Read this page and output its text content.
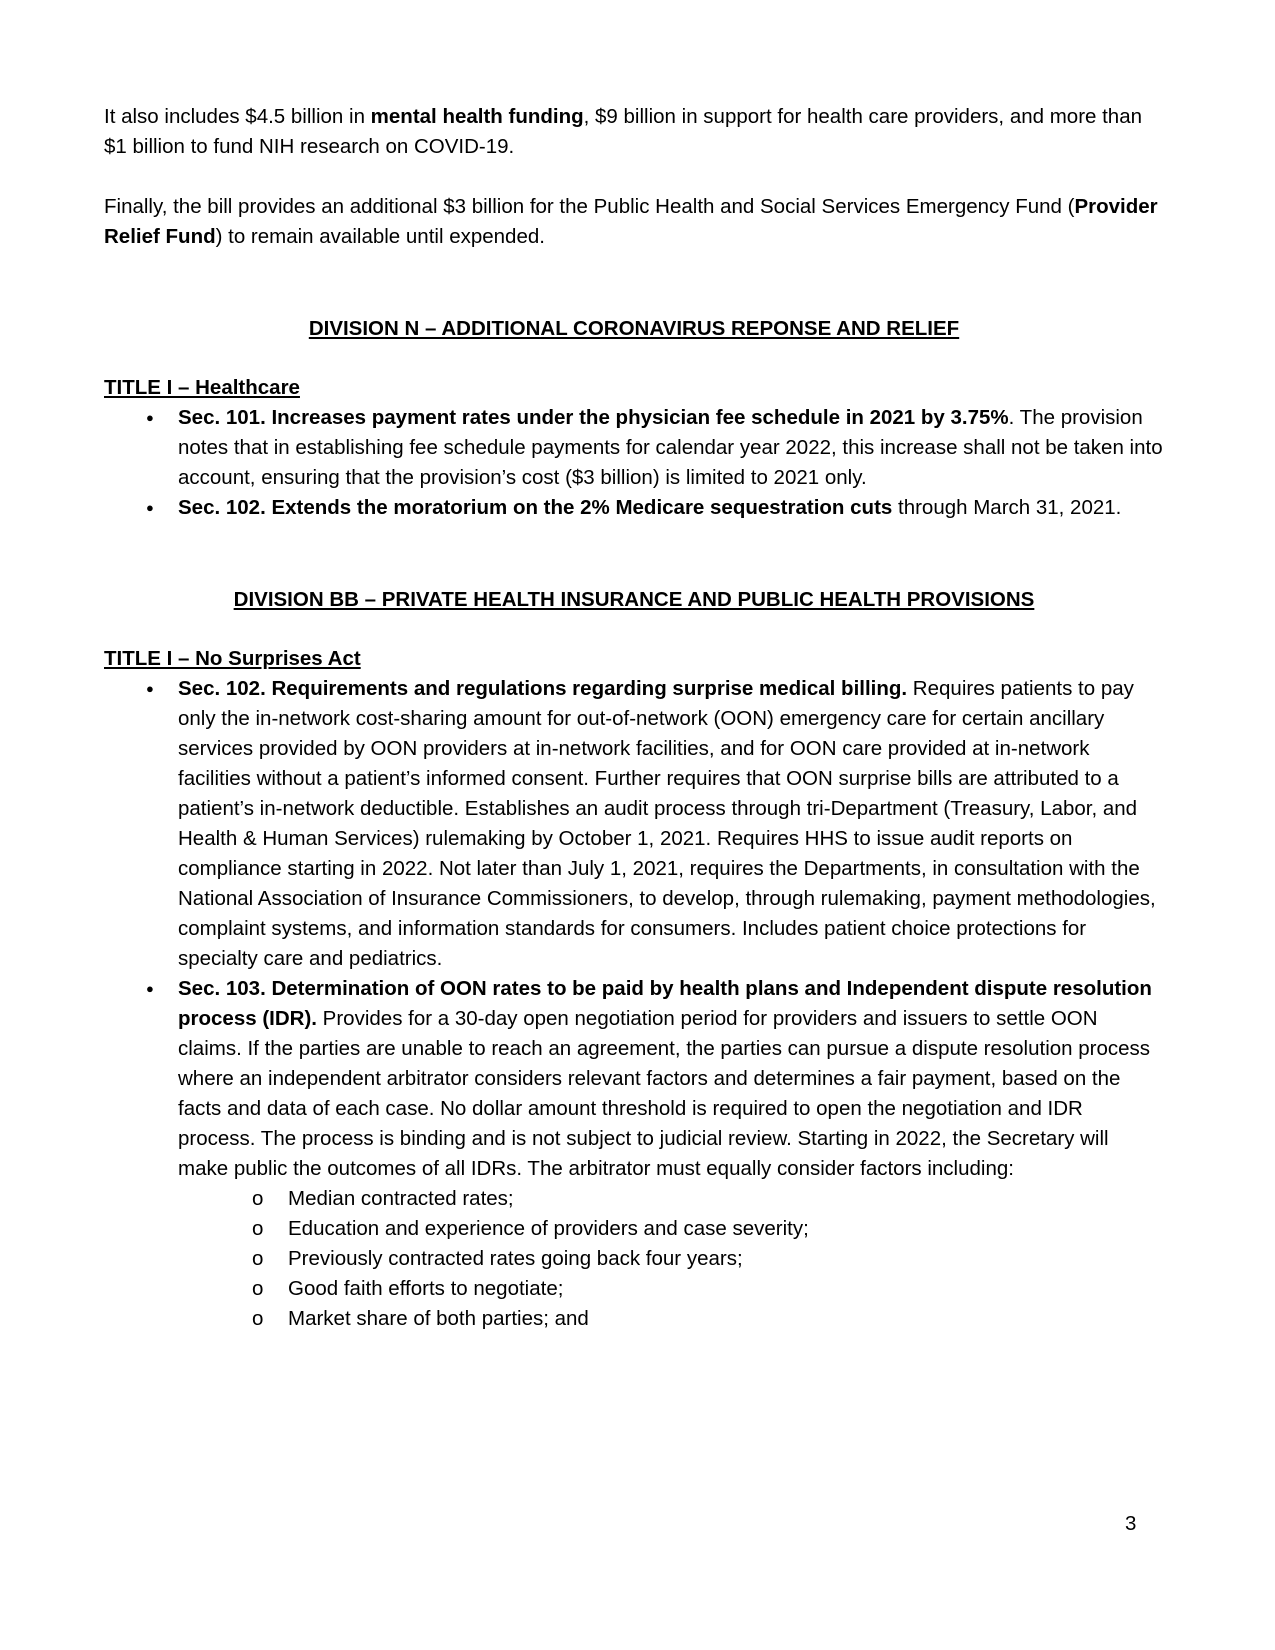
It also includes $4.5 billion in mental health funding, $9 billion in support for health care providers, and more than $1 billion to fund NIH research on COVID-19.

Finally, the bill provides an additional $3 billion for the Public Health and Social Services Emergency Fund (Provider Relief Fund) to remain available until expended.

DIVISION N – ADDITIONAL CORONAVIRUS REPONSE AND RELIEF

TITLE I – Healthcare

● Sec. 101. Increases payment rates under the physician fee schedule in 2021 by 3.75%. The provision notes that in establishing fee schedule payments for calendar year 2022, this increase shall not be taken into account, ensuring that the provision’s cost ($3 billion) is limited to 2021 only.
● Sec. 102. Extends the moratorium on the 2% Medicare sequestration cuts through March 31, 2021.

DIVISION BB – PRIVATE HEALTH INSURANCE AND PUBLIC HEALTH PROVISIONS

TITLE I – No Surprises Act

● Sec. 102. Requirements and regulations regarding surprise medical billing. Requires patients to pay only the in-network cost-sharing amount for out-of-network (OON) emergency care for certain ancillary services provided by OON providers at in-network facilities, and for OON care provided at in-network facilities without a patient’s informed consent. Further requires that OON surprise bills are attributed to a patient’s in-network deductible. Establishes an audit process through tri-Department (Treasury, Labor, and Health & Human Services) rulemaking by October 1, 2021. Requires HHS to issue audit reports on compliance starting in 2022. Not later than July 1, 2021, requires the Departments, in consultation with the National Association of Insurance Commissioners, to develop, through rulemaking, payment methodologies, complaint systems, and information standards for consumers. Includes patient choice protections for specialty care and pediatrics.
● Sec. 103. Determination of OON rates to be paid by health plans and Independent dispute resolution process (IDR). Provides for a 30-day open negotiation period for providers and issuers to settle OON claims. If the parties are unable to reach an agreement, the parties can pursue a dispute resolution process where an independent arbitrator considers relevant factors and determines a fair payment, based on the facts and data of each case. No dollar amount threshold is required to open the negotiation and IDR process. The process is binding and is not subject to judicial review. Starting in 2022, the Secretary will make public the outcomes of all IDRs. The arbitrator must equally consider factors including:
o Median contracted rates;
o Education and experience of providers and case severity;
o Previously contracted rates going back four years;
o Good faith efforts to negotiate;
o Market share of both parties; and
3
